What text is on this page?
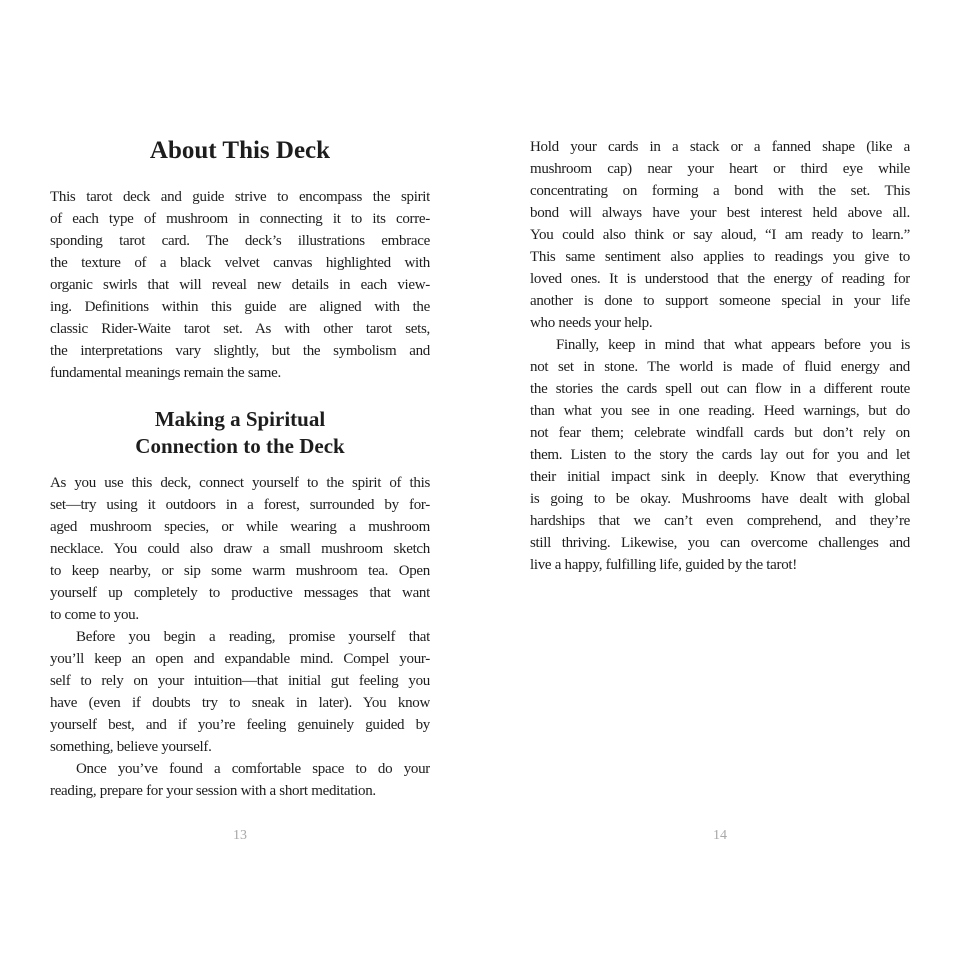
About This Deck
This tarot deck and guide strive to encompass the spirit
of each type of mushroom in connecting it to its corre-
sponding tarot card. The deck’s illustrations embrace
the texture of a black velvet canvas highlighted with
organic swirls that will reveal new details in each view-
ing. Definitions within this guide are aligned with the
classic Rider-Waite tarot set. As with other tarot sets,
the interpretations vary slightly, but the symbolism and
fundamental meanings remain the same.
Making a Spiritual
Connection to the Deck
As you use this deck, connect yourself to the spirit of this
set—try using it outdoors in a forest, surrounded by for-
aged mushroom species, or while wearing a mushroom
necklace. You could also draw a small mushroom sketch
to keep nearby, or sip some warm mushroom tea. Open
yourself up completely to productive messages that want
to come to you.
Before you begin a reading, promise yourself that
you’ll keep an open and expandable mind. Compel your-
self to rely on your intuition—that initial gut feeling you
have (even if doubts try to sneak in later). You know
yourself best, and if you’re feeling genuinely guided by
something, believe yourself.
Once you’ve found a comfortable space to do your
reading, prepare for your session with a short meditation.
13
Hold your cards in a stack or a fanned shape (like a
mushroom cap) near your heart or third eye while
concentrating on forming a bond with the set. This
bond will always have your best interest held above all.
You could also think or say aloud, “I am ready to learn.”
This same sentiment also applies to readings you give to
loved ones. It is understood that the energy of reading for
another is done to support someone special in your life
who needs your help.
Finally, keep in mind that what appears before you is
not set in stone. The world is made of fluid energy and
the stories the cards spell out can flow in a different route
than what you see in one reading. Heed warnings, but do
not fear them; celebrate windfall cards but don’t rely on
them. Listen to the story the cards lay out for you and let
their initial impact sink in deeply. Know that everything
is going to be okay. Mushrooms have dealt with global
hardships that we can’t even comprehend, and they’re
still thriving. Likewise, you can overcome challenges and
live a happy, fulfilling life, guided by the tarot!
14
